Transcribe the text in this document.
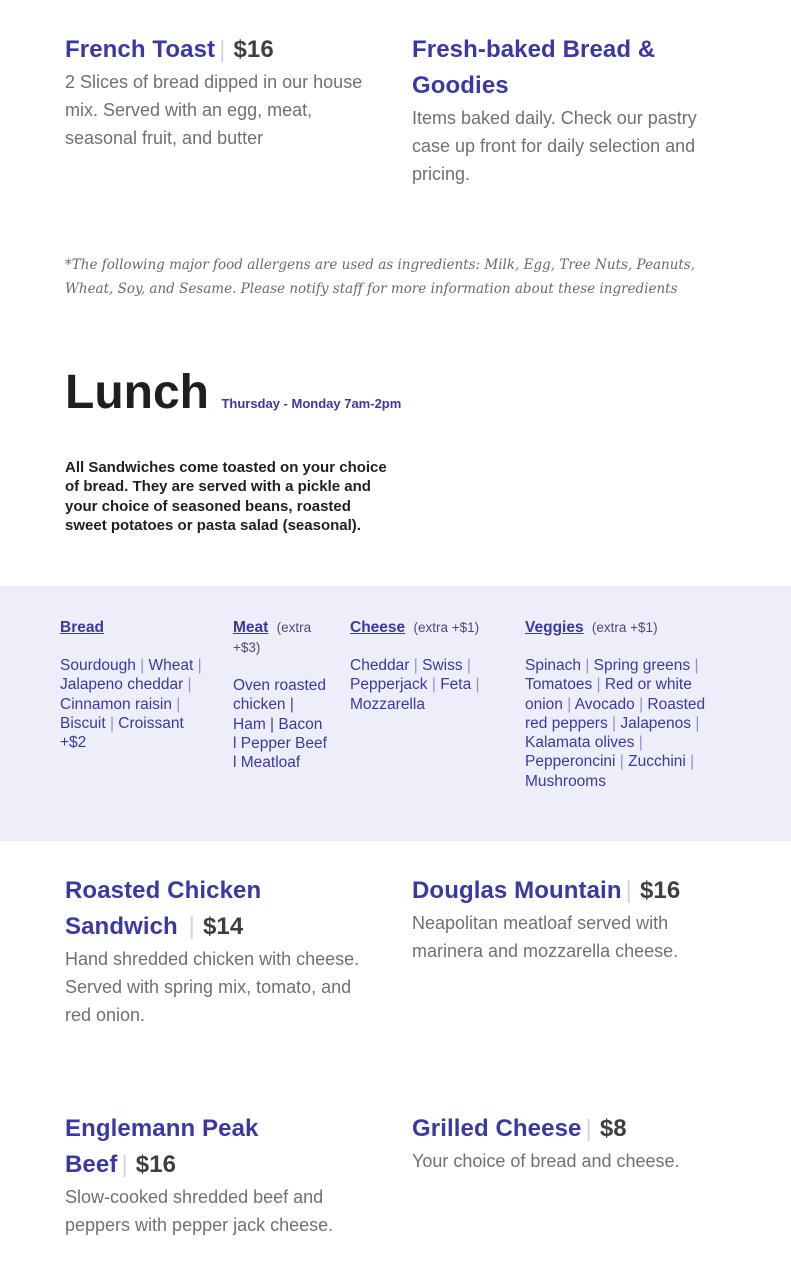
French Toast | $16

2 Slices of bread dipped in our house mix. Served with an egg, meat, seasonal fruit, and butter

Fresh-baked Bread & Goodies

Items baked daily. Check our pastry case up front for daily selection and pricing.

*The following major food allergens are used as ingredients: Milk, Egg, Tree Nuts, Peanuts, Wheat, Soy, and Sesame. Please notify staff for more information about these ingredients
Lunch Thursday - Monday 7am-2pm
All Sandwiches come toasted on your choice of bread. They are served with a pickle and your choice of seasoned beans, roasted sweet potatoes or pasta salad (seasonal).
Bread
Sourdough | Wheat | Jalapeno cheddar | Cinnamon raisin | Biscuit | Croissant +$2
Meat (extra +$3)
Oven roasted chicken | Ham | Bacon l Pepper Beef l Meatloaf
Cheese (extra +$1)
Cheddar | Swiss | Pepperjack | Feta | Mozzarella
Veggies (extra +$1)
Spinach | Spring greens | Tomatoes | Red or white onion | Avocado | Roasted red peppers | Jalapenos | Kalamata olives | Pepperoncini | Zucchini | Mushrooms
Roasted Chicken Sandwich | $14

Hand shredded chicken with cheese. Served with spring mix, tomato, and red onion.

Douglas Mountain | $16

Neapolitan meatloaf served with marinera and mozzarella cheese.

Englemann Peak Beef | $16

Slow-cooked shredded beef and peppers with pepper jack cheese.

Grilled Cheese | $8

Your choice of bread and cheese.
